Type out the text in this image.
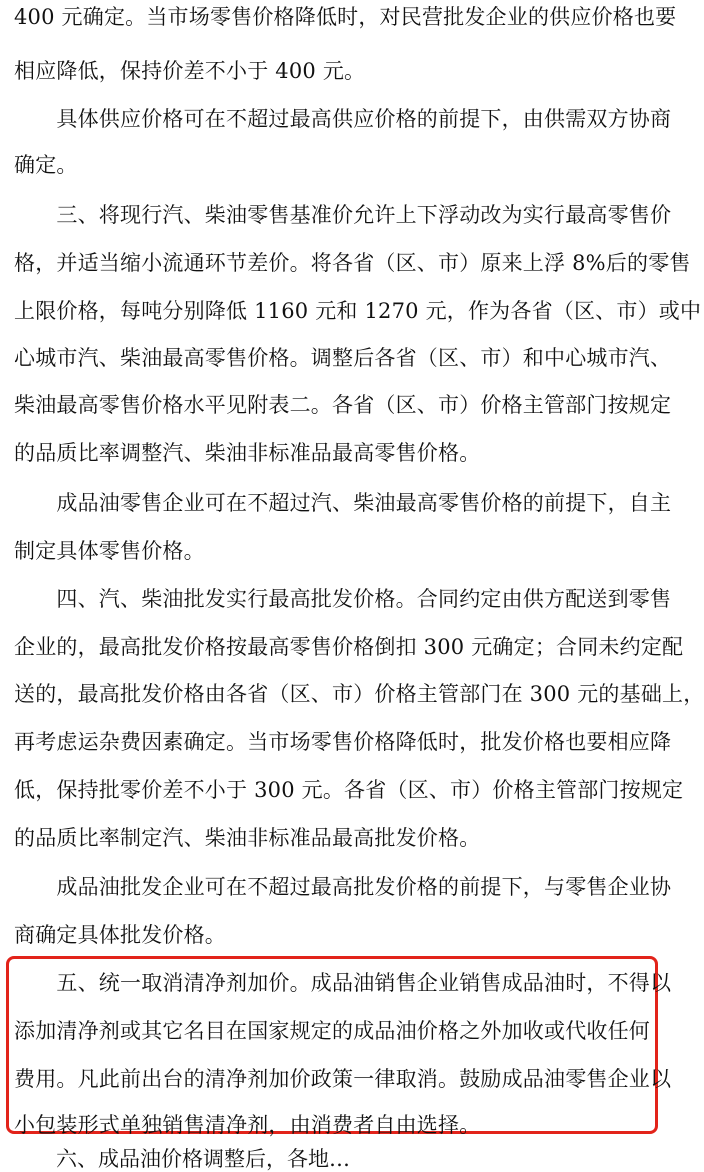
400 元确定。当市场零售价格降低时，对民营批发企业的供应价格也要
相应降低，保持价差不小于 400 元。
　　具体供应价格可在不超过最高供应价格的前提下，由供需双方协商
确定。
　　三、将现行汽、柴油零售基准价允许上下浮动改为实行最高零售价
格，并适当缩小流通环节差价。将各省（区、市）原来上浮 8%后的零售
上限价格，每吨分别降低 1160 元和 1270 元，作为各省（区、市）或中
心城市汽、柴油最高零售价格。调整后各省（区、市）和中心城市汽、
柴油最高零售价格水平见附表二。各省（区、市）价格主管部门按规定
的品质比率调整汽、柴油非标准品最高零售价格。
　　成品油零售企业可在不超过汽、柴油最高零售价格的前提下，自主
制定具体零售价格。
　　四、汽、柴油批发实行最高批发价格。合同约定由供方配送到零售
企业的，最高批发价格按最高零售价格倒扣 300 元确定；合同未约定配
送的，最高批发价格由各省（区、市）价格主管部门在 300 元的基础上，
再考虑运杂费因素确定。当市场零售价格降低时，批发价格也要相应降
低，保持批零价差不小于 300 元。各省（区、市）价格主管部门按规定
的品质比率制定汽、柴油非标准品最高批发价格。
　　成品油批发企业可在不超过最高批发价格的前提下，与零售企业协
商确定具体批发价格。
　　五、统一取消清净剂加价。成品油销售企业销售成品油时，不得以
添加清净剂或其它名目在国家规定的成品油价格之外加收或代收任何
费用。凡此前出台的清净剂加价政策一律取消。鼓励成品油零售企业以
小包装形式单独销售清净剂，由消费者自由选择。
　　六、成品油价格调整后，各地…
